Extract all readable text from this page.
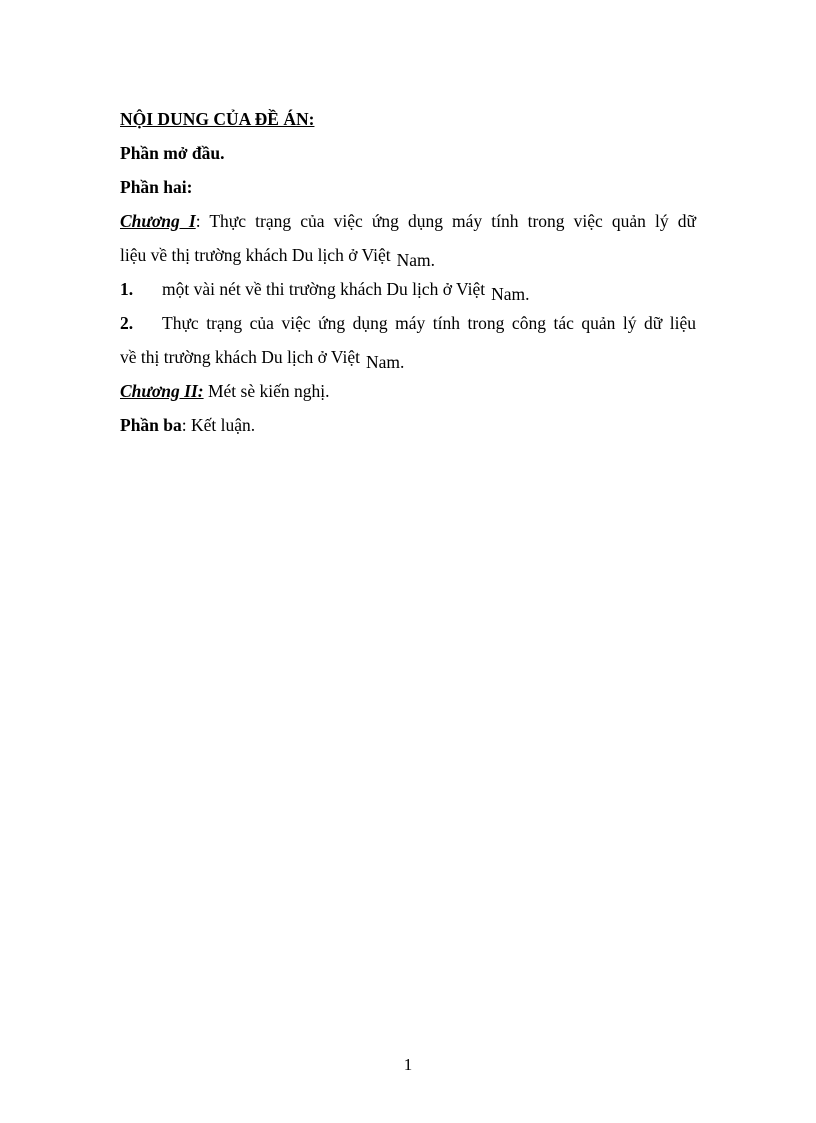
NỘI DUNG CỦA ĐỀ ÁN:

Phần mở đầu.

Phần hai:

Chương I: Thực trạng của việc ứng dụng máy tính trong việc quản lý dữ

liệu về thị trường khách Du lịch ở Việt Nam.

1.	một vài nét về thi trường khách Du lịch ở Việt Nam.
2.	Thực trạng của việc ứng dụng máy tính trong công tác quản lý dữ liệu

về thị trường khách Du lịch ở Việt Nam.

Chương II: Mét sè kiến nghị.

Phần ba: Kết luận.

1
